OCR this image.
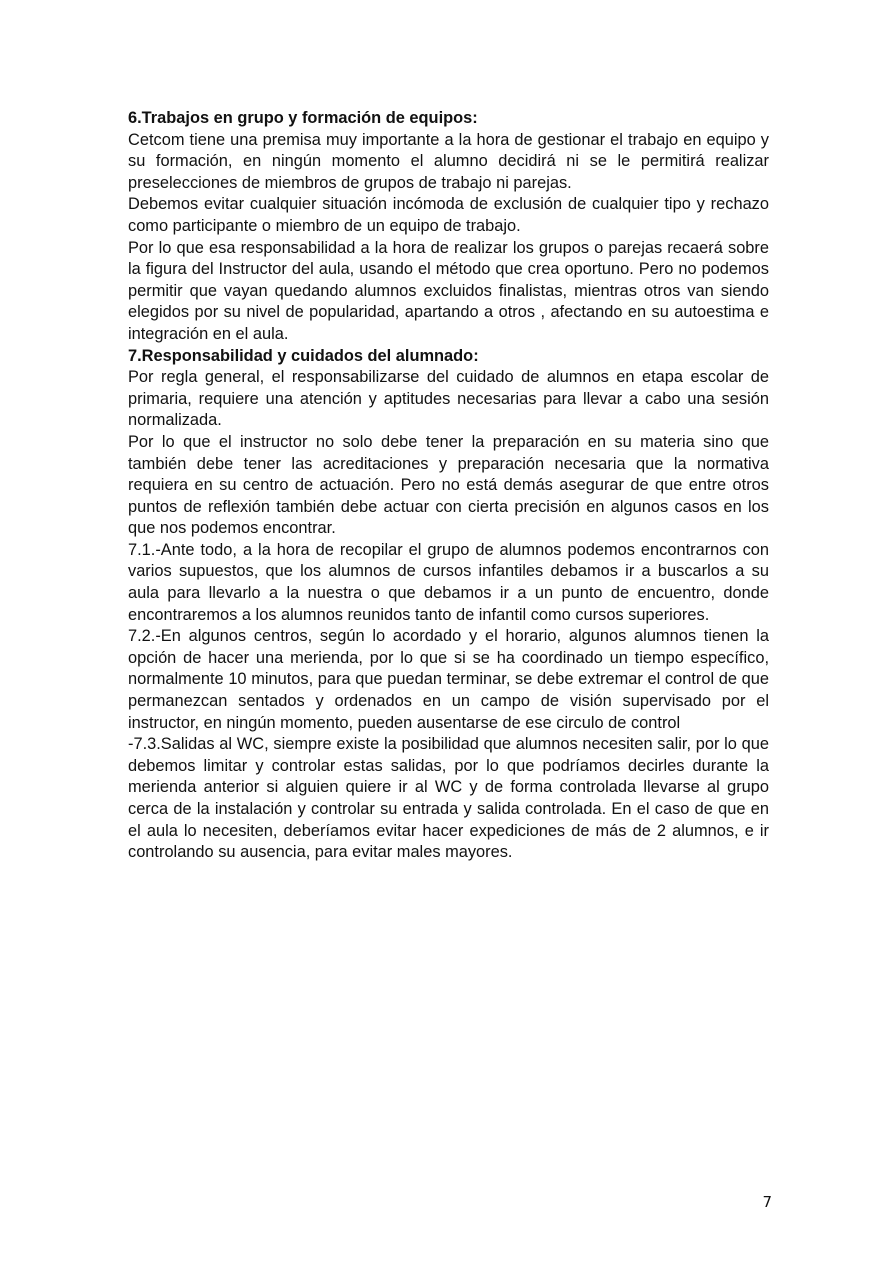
6.Trabajos en grupo y formación de equipos:

Cetcom tiene una premisa muy importante a la hora de gestionar el trabajo en equipo y su formación, en ningún momento el alumno decidirá ni se le permitirá realizar preselecciones de miembros de grupos de trabajo ni parejas.

Debemos evitar cualquier situación incómoda de exclusión de cualquier tipo y rechazo como participante o miembro de un equipo de trabajo.

Por lo que esa responsabilidad a la hora de realizar los grupos o parejas recaerá sobre la figura del Instructor del aula, usando el método que crea oportuno. Pero no podemos permitir que vayan quedando alumnos excluidos finalistas, mientras otros van siendo elegidos por su nivel de popularidad, apartando a otros , afectando en su autoestima e integración en el aula.

7.Responsabilidad y cuidados del alumnado:

Por regla general, el responsabilizarse del cuidado de alumnos en etapa escolar de primaria, requiere una atención y aptitudes necesarias para llevar a cabo una sesión normalizada.

Por lo que el instructor no solo debe tener la preparación en su materia sino que también debe tener las acreditaciones y preparación necesaria que la normativa requiera en su centro de actuación. Pero no está demás asegurar de que entre otros puntos de reflexión también debe actuar con cierta precisión en algunos casos en los que nos podemos encontrar.

7.1.-Ante todo, a la hora de recopilar el grupo de alumnos podemos encontrarnos con varios supuestos, que los alumnos de cursos infantiles debamos ir a buscarlos a su aula para llevarlo a la nuestra o que debamos ir a un punto de encuentro, donde encontraremos a los alumnos reunidos tanto de infantil como cursos superiores.

7.2.-En algunos centros, según lo acordado y el horario, algunos alumnos tienen la opción de hacer una merienda, por lo que si se ha coordinado un tiempo específico, normalmente 10 minutos, para que puedan terminar, se debe extremar el control de que permanezcan sentados y ordenados en un campo de visión supervisado por el instructor, en ningún momento, pueden ausentarse de ese circulo de control

-7.3.Salidas al WC, siempre existe la posibilidad que alumnos necesiten salir, por lo que debemos limitar y controlar estas salidas, por lo que podríamos decirles durante la merienda anterior si alguien quiere ir al WC y de forma controlada llevarse al grupo cerca de la instalación y controlar su entrada y salida controlada. En el caso de que en el aula lo necesiten, deberíamos evitar hacer expediciones de más de 2 alumnos, e ir controlando su ausencia, para evitar males mayores.

7
